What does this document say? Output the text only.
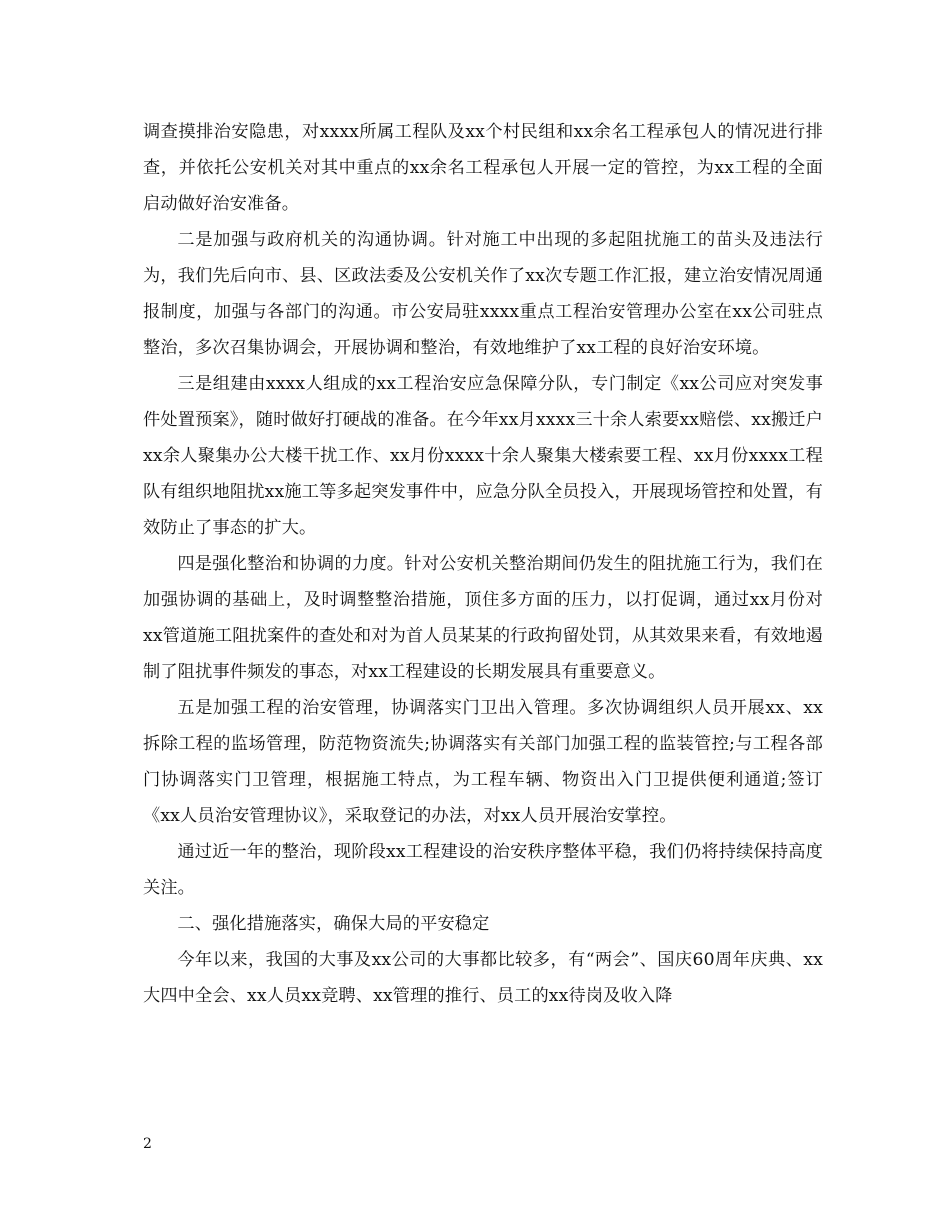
调查摸排治安隐患，对xxxx所属工程队及xx个村民组和xx余名工程承包人的情况进行排查，并依托公安机关对其中重点的xx余名工程承包人开展一定的管控，为xx工程的全面启动做好治安准备。

二是加强与政府机关的沟通协调。针对施工中出现的多起阻扰施工的苗头及违法行为，我们先后向市、县、区政法委及公安机关作了xx次专题工作汇报，建立治安情况周通报制度，加强与各部门的沟通。市公安局驻xxxx重点工程治安管理办公室在xx公司驻点整治，多次召集协调会，开展协调和整治，有效地维护了xx工程的良好治安环境。

三是组建由xxxx人组成的xx工程治安应急保障分队，专门制定《xx公司应对突发事件处置预案》，随时做好打硬战的准备。在今年xx月xxxx三十余人索要xx赔偿、xx搬迁户xx余人聚集办公大楼干扰工作、xx月份xxxx十余人聚集大楼索要工程、xx月份xxxx工程队有组织地阻扰xx施工等多起突发事件中，应急分队全员投入，开展现场管控和处置，有效防止了事态的扩大。

四是强化整治和协调的力度。针对公安机关整治期间仍发生的阻扰施工行为，我们在加强协调的基础上，及时调整整治措施，顶住多方面的压力，以打促调，通过xx月份对xx管道施工阻扰案件的查处和对为首人员某某的行政拘留处罚，从其效果来看，有效地遏制了阻扰事件频发的事态，对xx工程建设的长期发展具有重要意义。

五是加强工程的治安管理，协调落实门卫出入管理。多次协调组织人员开展xx、xx拆除工程的监场管理，防范物资流失;协调落实有关部门加强工程的监装管控;与工程各部门协调落实门卫管理，根据施工特点，为工程车辆、物资出入门卫提供便利通道;签订《xx人员治安管理协议》，采取登记的办法，对xx人员开展治安掌控。

通过近一年的整治，现阶段xx工程建设的治安秩序整体平稳，我们仍将持续保持高度关注。

二、强化措施落实，确保大局的平安稳定

今年以来，我国的大事及xx公司的大事都比较多，有“两会”、国庆60周年庆典、xx大四中全会、xx人员xx竞聘、xx管理的推行、员工的xx待岗及收入降

2
